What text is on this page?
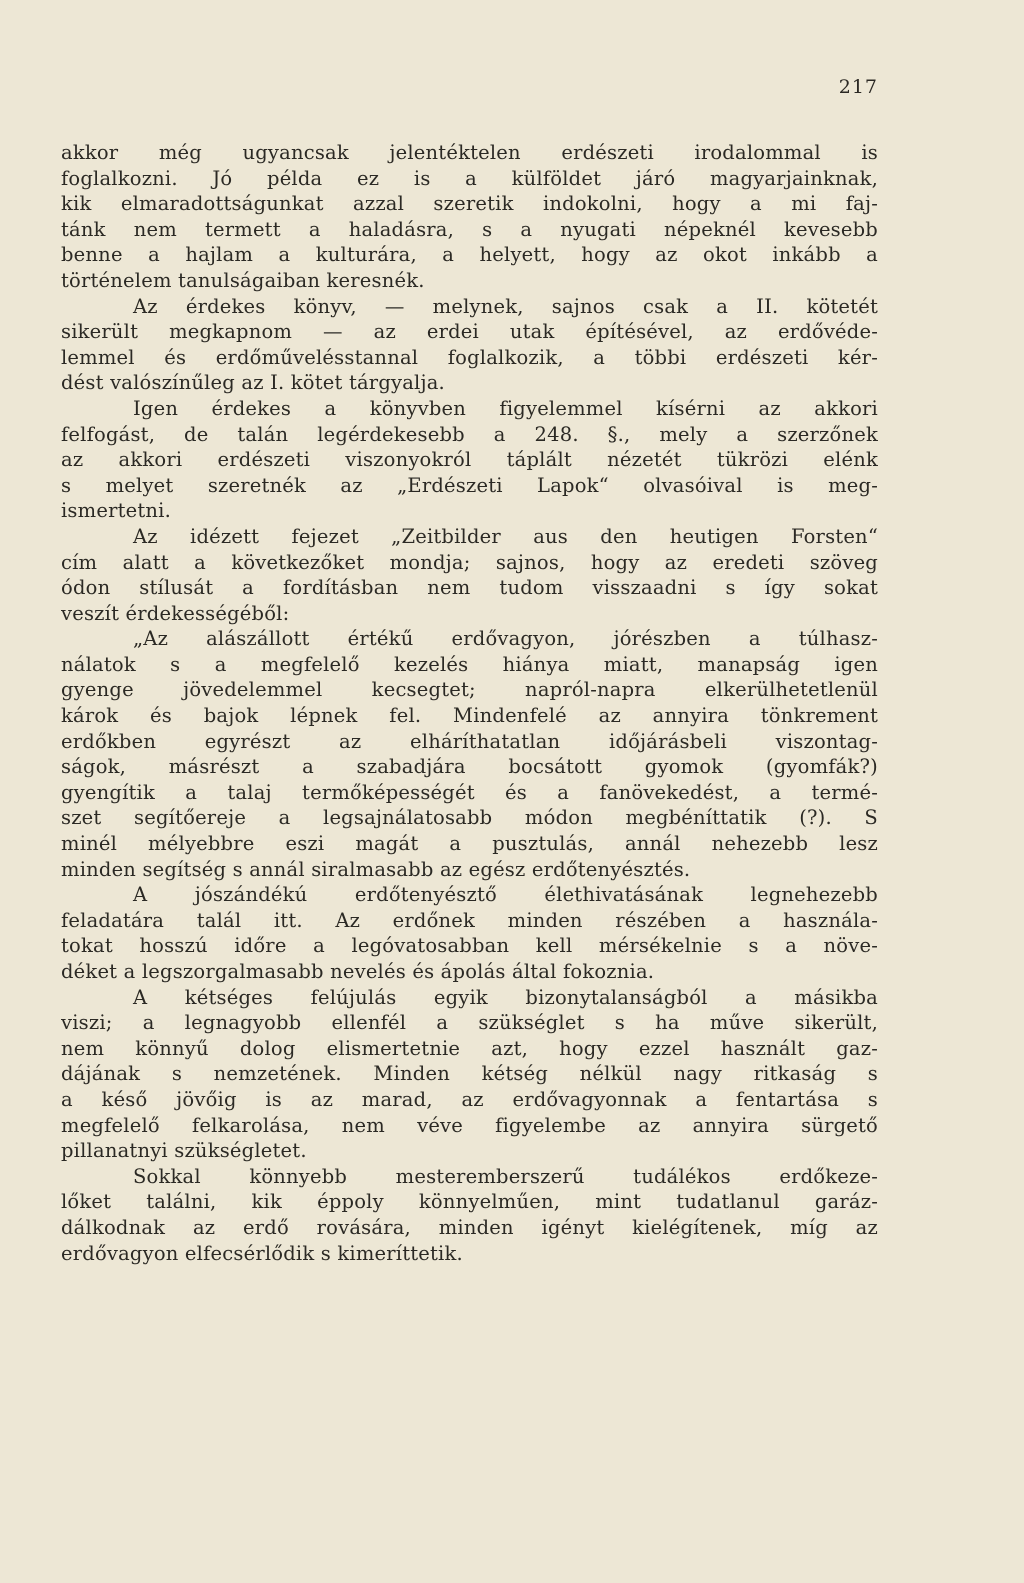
217
akkor még ugyancsak jelentéktelen erdészeti irodalommal is
foglalkozni. Jó példa ez is a külföldet járó magyarjainknak,
kik elmaradottságunkat azzal szeretik indokolni, hogy a mi faj-
tánk nem termett a haladásra, s a nyugati népeknél kevesebb
benne a hajlam a kulturára, a helyett, hogy az okot inkább a
történelem tanulságaiban keresnék.
Az érdekes könyv, — melynek, sajnos csak a II. kötetét
sikerült megkapnom — az erdei utak építésével, az erdővéde-
lemmel és erdőművelésstannal foglalkozik, a többi erdészeti kér-
dést valószínűleg az I. kötet tárgyalja.
Igen érdekes a könyvben figyelemmel kísérni az akkori
felfogást, de talán legérdekesebb a 248. §., mely a szerzőnek
az akkori erdészeti viszonyokról táplált nézetét tükrözi elénk
s melyet szeretnék az „Erdészeti Lapok“ olvasóival is meg-
ismertetni.
Az idézett fejezet „Zeitbilder aus den heutigen Forsten“
cím alatt a következőket mondja; sajnos, hogy az eredeti szöveg
ódon stílusát a fordításban nem tudom visszaadni s így sokat
veszít érdekességéből:
„Az alászállott értékű erdővagyon, jórészben a túlhasz-
nálatok s a megfelelő kezelés hiánya miatt, manapság igen
gyenge jövedelemmel kecsegtet; napról-napra elkerülhetetlenül
károk és bajok lépnek fel. Mindenfelé az annyira tönkrement
erdőkben egyrészt az elháríthatatlan időjárásbeli viszontag-
ságok, másrészt a szabadjára bocsátott gyomok (gyomfák?)
gyengítik a talaj termőképességét és a fanövekedést, a termé-
szet segítőereje a legsajnálatosabb módon megbéníttatik (?). S
minél mélyebbre eszi magát a pusztulás, annál nehezebb lesz
minden segítség s annál siralmasabb az egész erdőtenyésztés.
A jószándékú erdőtenyésztő élethivatásának legnehezebb
feladatára talál itt. Az erdőnek minden részében a használa-
tokat hosszú időre a legóvatosabban kell mérsékelnie s a növe-
déket a legszorgalmasabb nevelés és ápolás által fokoznia.
A kétséges felújulás egyik bizonytalanságból a másikba
viszi; a legnagyobb ellenfél a szükséglet s ha műve sikerült,
nem könnyű dolog elismertetnie azt, hogy ezzel használt gaz-
dájának s nemzetének. Minden kétség nélkül nagy ritkaság s
a késő jövőig is az marad, az erdővagyonnak a fentartása s
megfelelő felkarolása, nem véve figyelembe az annyira sürgető
pillanatnyi szükségletet.
Sokkal könnyebb mesteremberszerű tudálékos erdőkeze-
lőket találni, kik éppoly könnyelműen, mint tudatlanul garáz-
dálkodnak az erdő rovására, minden igényt kielégítenek, míg az
erdővagyon elfecsérlődik s kimeríttetik.
